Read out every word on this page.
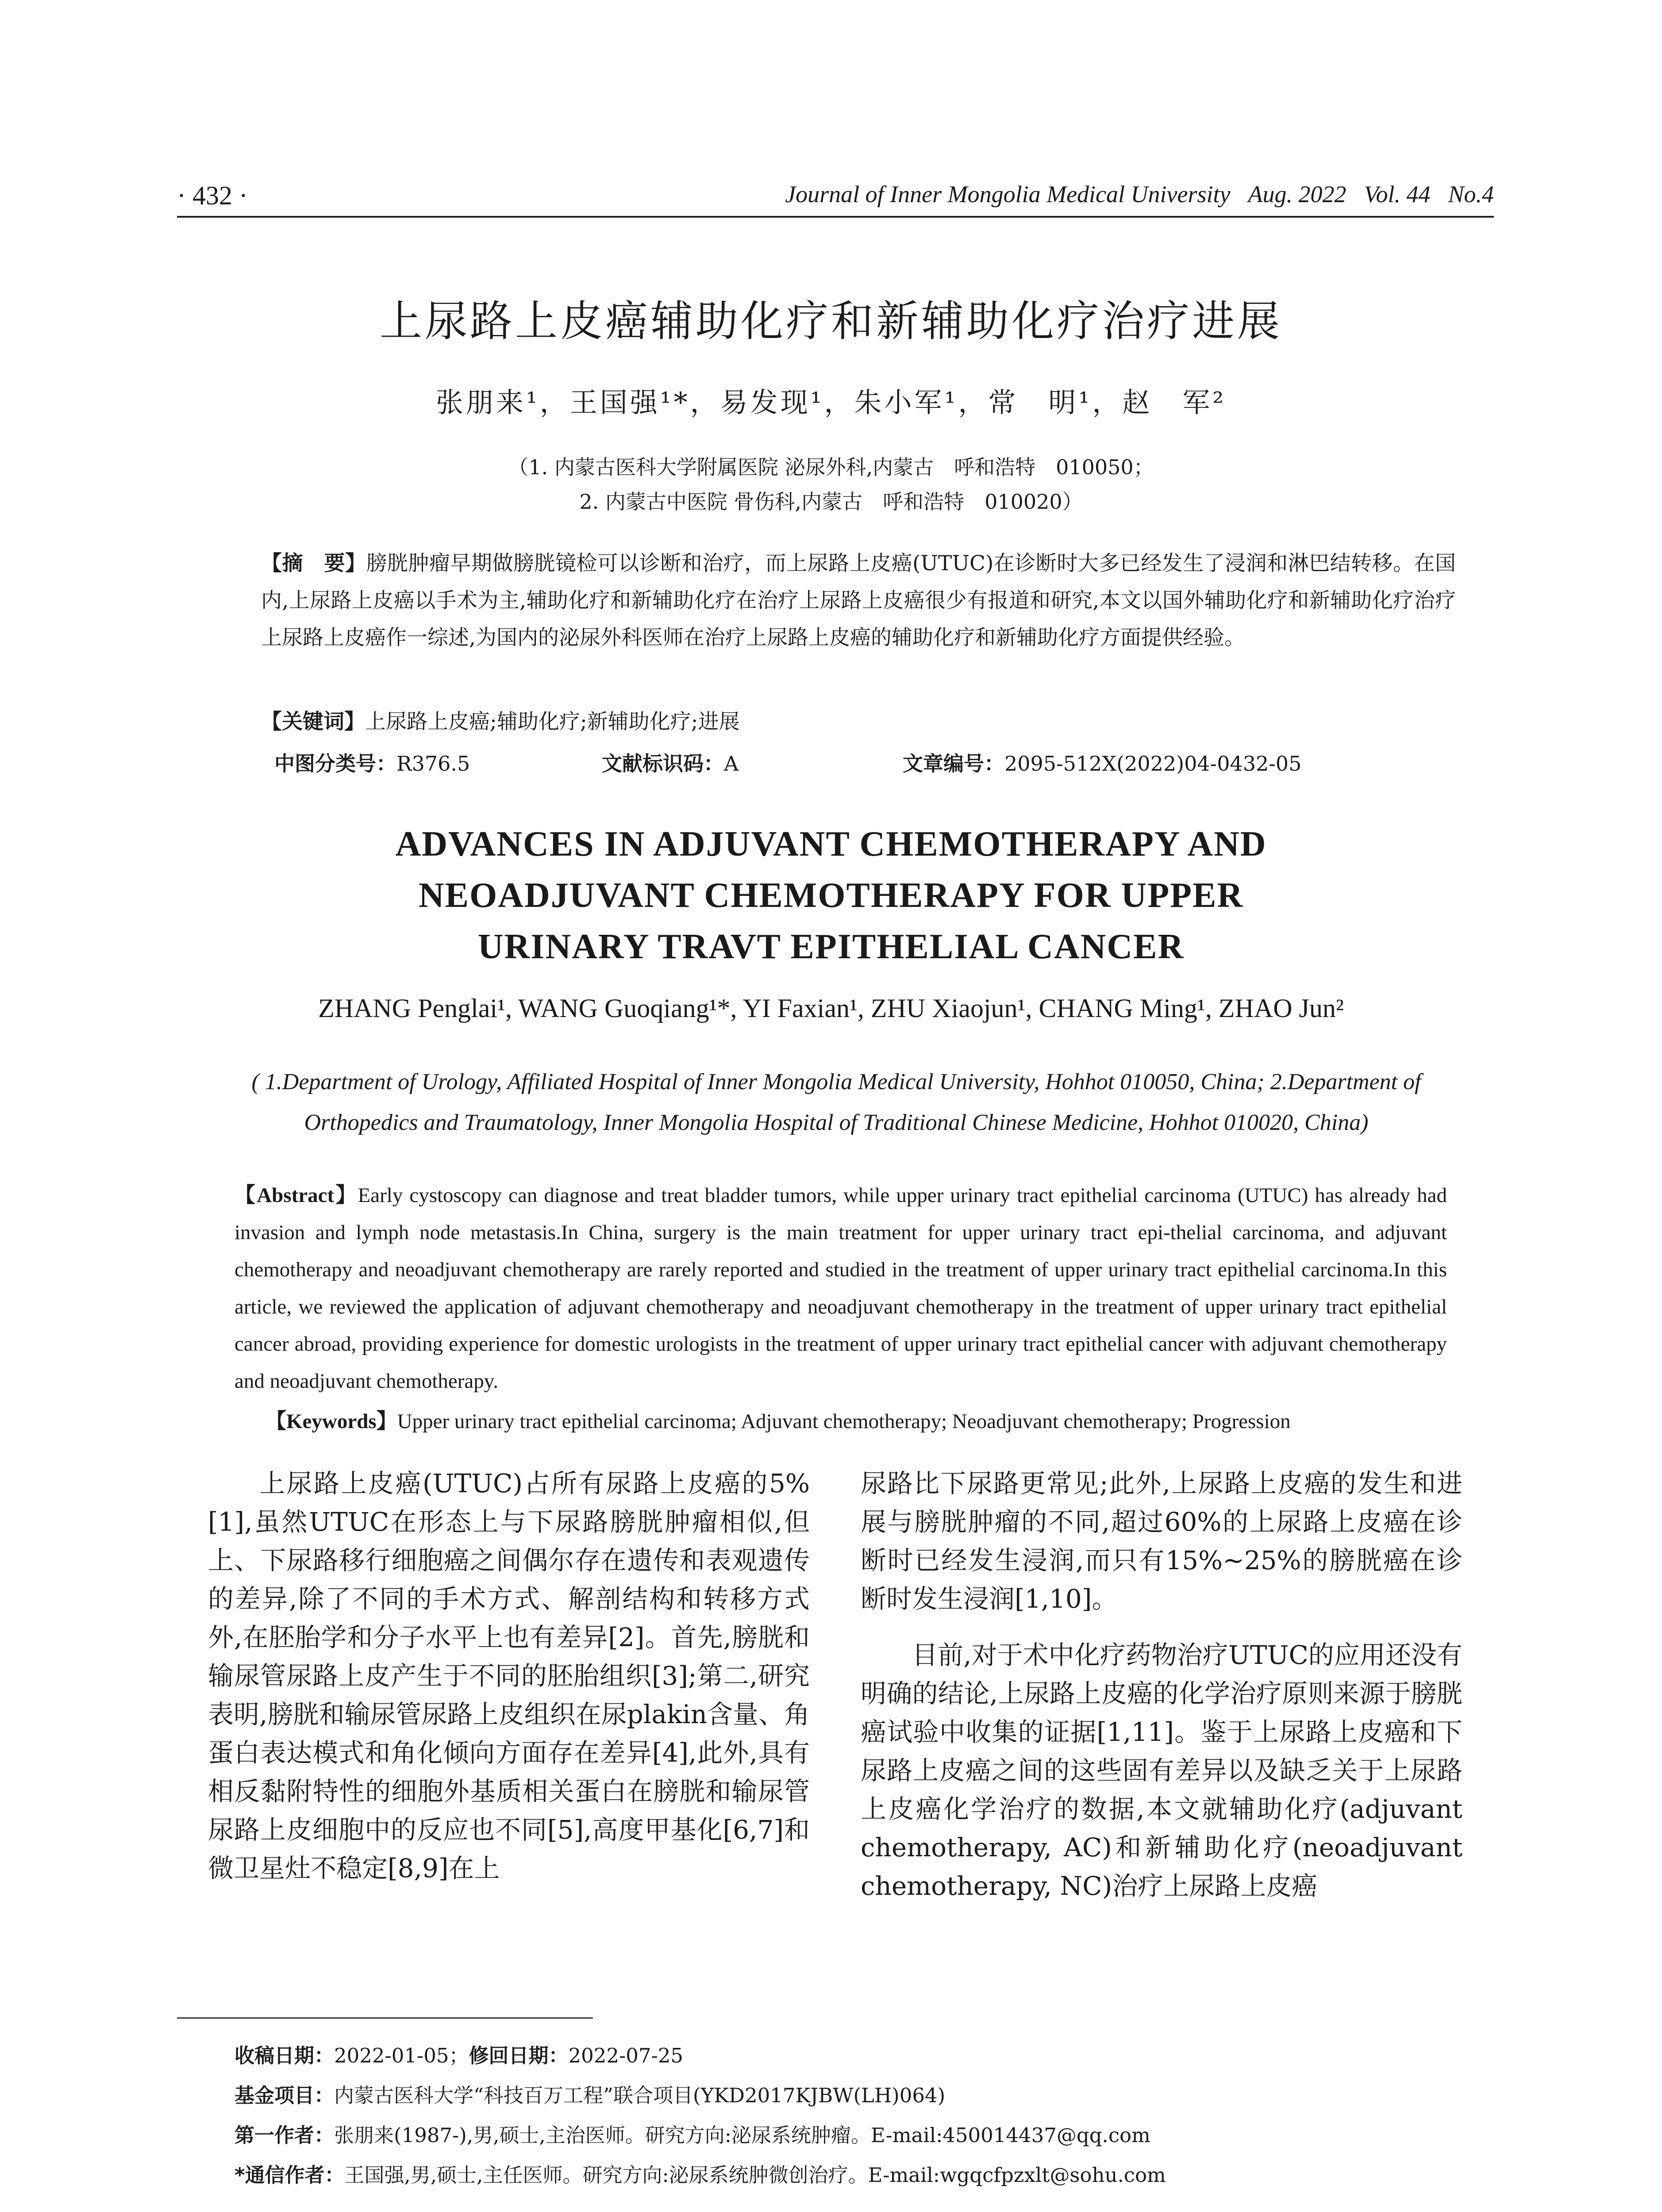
· 432 ·	Journal of Inner Mongolia Medical University Aug. 2022 Vol. 44 No.4
上尿路上皮癌辅助化疗和新辅助化疗治疗进展
张朋来¹，王国强¹*，易发现¹，朱小军¹，常　明¹，赵　军²
（1. 内蒙古医科大学附属医院 泌尿外科,内蒙古　呼和浩特　010050；
2. 内蒙古中医院 骨伤科,内蒙古　呼和浩特　010020）
【摘　要】膀胱肿瘤早期做膀胱镜检可以诊断和治疗，而上尿路上皮癌(UTUC)在诊断时大多已经发生了浸润和淋巴结转移。在国内,上尿路上皮癌以手术为主,辅助化疗和新辅助化疗在治疗上尿路上皮癌很少有报道和研究,本文以国外辅助化疗和新辅助化疗治疗上尿路上皮癌作一综述,为国内的泌尿外科医师在治疗上尿路上皮癌的辅助化疗和新辅助化疗方面提供经验。
【关键词】上尿路上皮癌;辅助化疗;新辅助化疗;进展
中图分类号：R376.5	文献标识码：A	文章编号：2095-512X(2022)04-0432-05
ADVANCES IN ADJUVANT CHEMOTHERAPY AND
NEOADJUVANT CHEMOTHERAPY FOR UPPER
URINARY TRAVT EPITHELIAL CANCER
ZHANG Penglai¹, WANG Guoqiang¹*, YI Faxian¹, ZHU Xiaojun¹, CHANG Ming¹, ZHAO Jun²
( 1.Department of Urology, Affiliated Hospital of Inner Mongolia Medical University, Hohhot 010050, China; 2.Department of
Orthopedics and Traumatology, Inner Mongolia Hospital of Traditional Chinese Medicine, Hohhot 010020, China)
【Abstract】Early cystoscopy can diagnose and treat bladder tumors, while upper urinary tract epithelial carcinoma (UTUC) has already had invasion and lymph node metastasis.In China, surgery is the main treatment for upper urinary tract epi-thelial carcinoma, and adjuvant chemotherapy and neoadjuvant chemotherapy are rarely reported and studied in the treatment of upper urinary tract epithelial carcinoma.In this article, we reviewed the application of adjuvant chemotherapy and neoadjuvant chemotherapy in the treatment of upper urinary tract epithelial cancer abroad, providing experience for domestic urologists in the treatment of upper urinary tract epithelial cancer with adjuvant chemotherapy and neoadjuvant chemotherapy.
【Keywords】Upper urinary tract epithelial carcinoma; Adjuvant chemotherapy; Neoadjuvant chemotherapy; Progression

上尿路上皮癌(UTUC)占所有尿路上皮癌的5%[1],虽然UTUC在形态上与下尿路膀胱肿瘤相似,但上、下尿路移行细胞癌之间偶尔存在遗传和表观遗传的差异,除了不同的手术方式、解剖结构和转移方式外,在胚胎学和分子水平上也有差异[2]。首先,膀胱和输尿管尿路上皮产生于不同的胚胎组织[3];第二,研究表明,膀胱和输尿管尿路上皮组织在尿plakin含量、角蛋白表达模式和角化倾向方面存在差异[4],此外,具有相反黏附特性的细胞外基质相关蛋白在膀胱和输尿管尿路上皮细胞中的反应也不同[5],高度甲基化[6,7]和微卫星灶不稳定[8,9]在上

尿路比下尿路更常见;此外,上尿路上皮癌的发生和进展与膀胱肿瘤的不同,超过60%的上尿路上皮癌在诊断时已经发生浸润,而只有15%~25%的膀胱癌在诊断时发生浸润[1,10]。

目前,对于术中化疗药物治疗UTUC的应用还没有明确的结论,上尿路上皮癌的化学治疗原则来源于膀胱癌试验中收集的证据[1,11]。鉴于上尿路上皮癌和下尿路上皮癌之间的这些固有差异以及缺乏关于上尿路上皮癌化学治疗的数据,本文就辅助化疗(adjuvant chemotherapy, AC)和新辅助化疗(neoadjuvant chemotherapy, NC)治疗上尿路上皮癌

收稿日期：2022-01-05；修回日期：2022-07-25
基金项目：内蒙古医科大学“科技百万工程”联合项目(YKD2017KJBW(LH)064)
第一作者：张朋来(1987-),男,硕士,主治医师。研究方向:泌尿系统肿瘤。E-mail:450014437@qq.com
*通信作者：王国强,男,硕士,主任医师。研究方向:泌尿系统肿微创治疗。E-mail:wgqcfpzxlt@sohu.com
